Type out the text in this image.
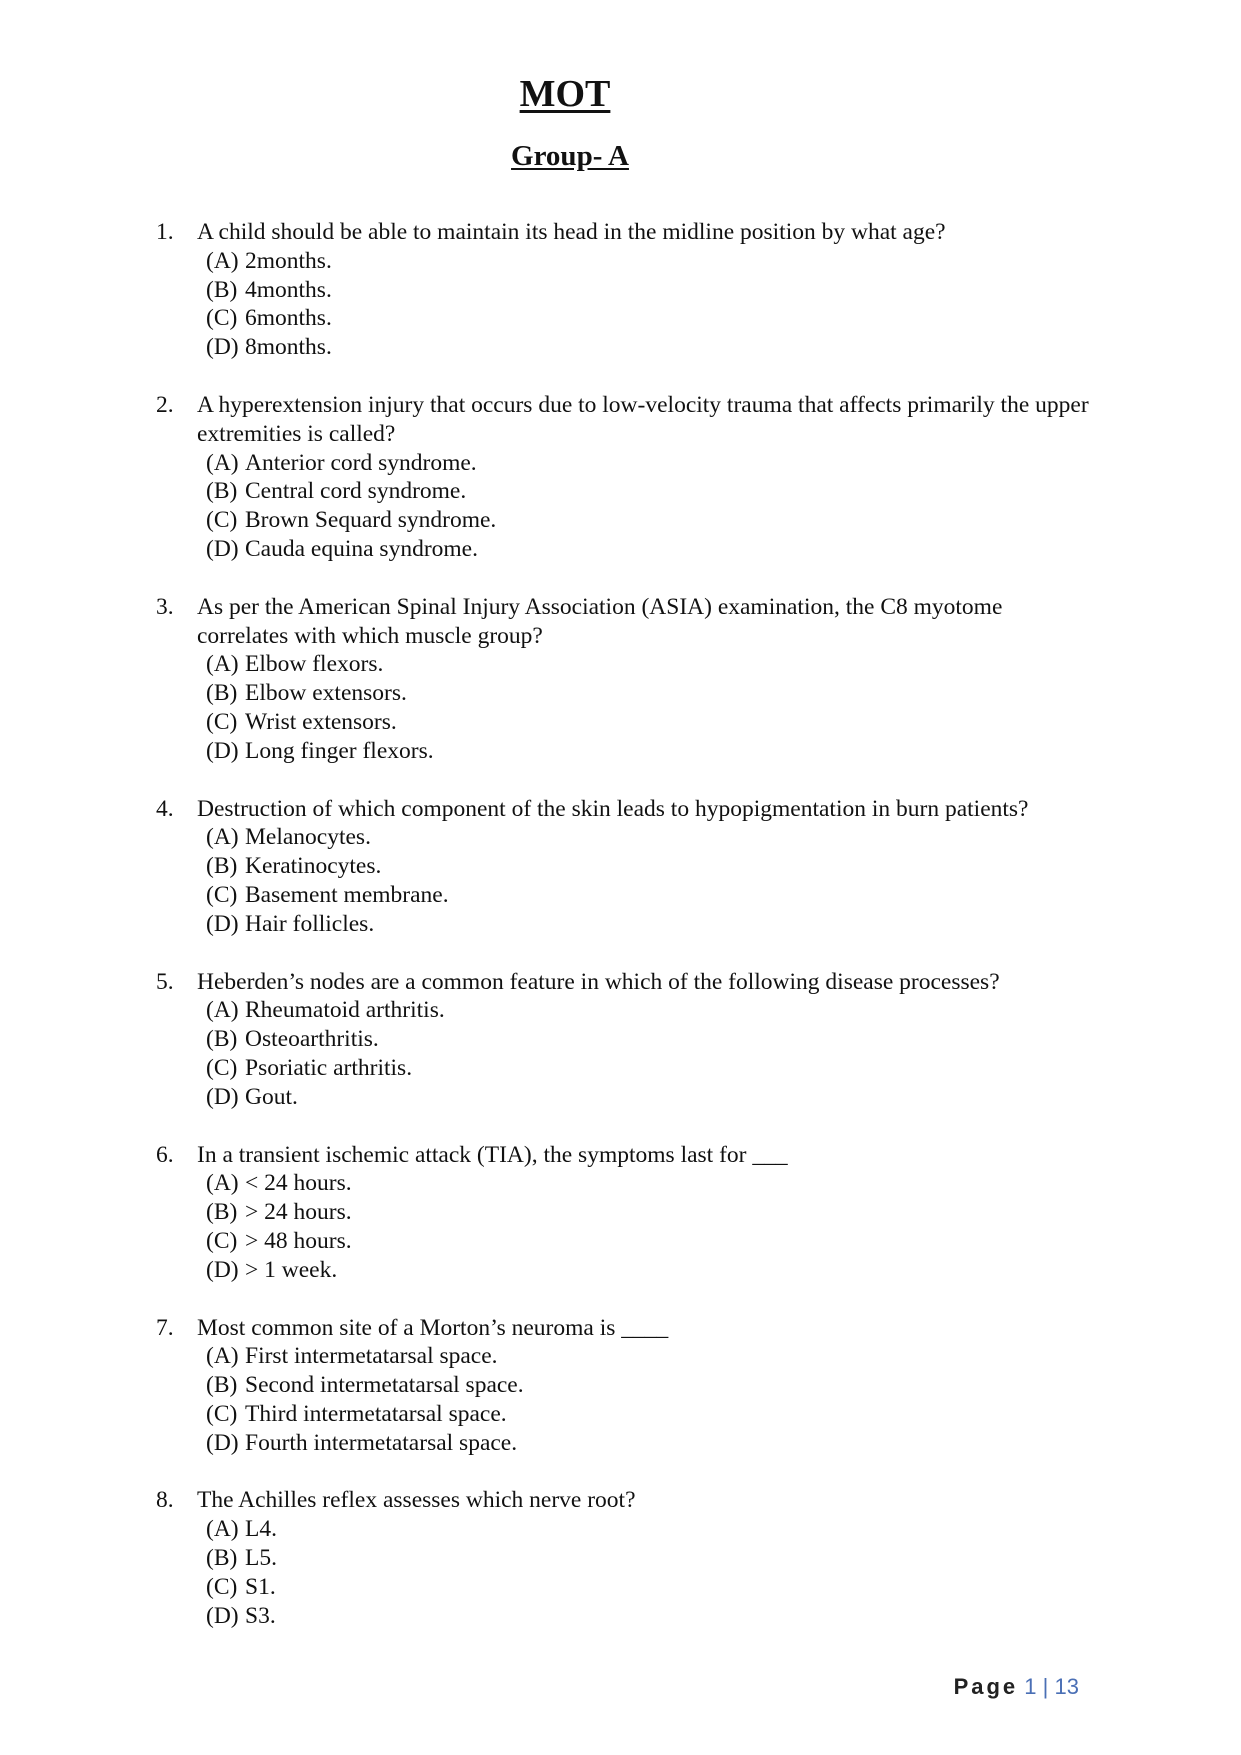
MOT
Group- A
1. A child should be able to maintain its head in the midline position by what age?
(A) 2months.
(B) 4months.
(C) 6months.
(D) 8months.
2. A hyperextension injury that occurs due to low-velocity trauma that affects primarily the upper extremities is called?
(A) Anterior cord syndrome.
(B) Central cord syndrome.
(C) Brown Sequard syndrome.
(D) Cauda equina syndrome.
3. As per the American Spinal Injury Association (ASIA) examination, the C8 myotome correlates with which muscle group?
(A) Elbow flexors.
(B) Elbow extensors.
(C) Wrist extensors.
(D) Long finger flexors.
4. Destruction of which component of the skin leads to hypopigmentation in burn patients?
(A) Melanocytes.
(B) Keratinocytes.
(C) Basement membrane.
(D) Hair follicles.
5. Heberden’s nodes are a common feature in which of the following disease processes?
(A) Rheumatoid arthritis.
(B) Osteoarthritis.
(C) Psoriatic arthritis.
(D) Gout.
6. In a transient ischemic attack (TIA), the symptoms last for ___
(A) < 24 hours.
(B) > 24 hours.
(C) > 48 hours.
(D) > 1 week.
7. Most common site of a Morton’s neuroma is ____
(A) First intermetatarsal space.
(B) Second intermetatarsal space.
(C) Third intermetatarsal space.
(D) Fourth intermetatarsal space.
8. The Achilles reflex assesses which nerve root?
(A) L4.
(B) L5.
(C) S1.
(D) S3.
Page 1 | 13
